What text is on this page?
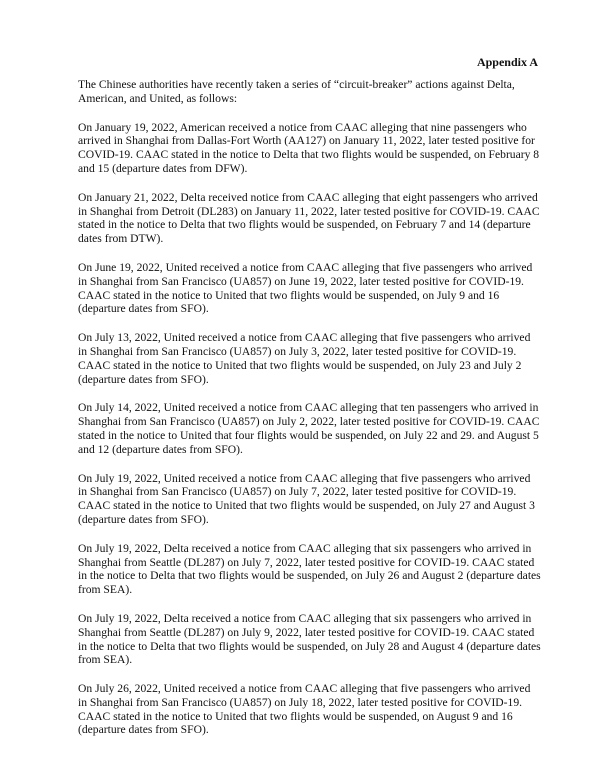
Appendix A

The Chinese authorities have recently taken a series of “circuit-breaker” actions against Delta, American, and United, as follows:

On January 19, 2022, American received a notice from CAAC alleging that nine passengers who arrived in Shanghai from Dallas-Fort Worth (AA127) on January 11, 2022, later tested positive for COVID-19. CAAC stated in the notice to Delta that two flights would be suspended, on February 8 and 15 (departure dates from DFW).

On January 21, 2022, Delta received notice from CAAC alleging that eight passengers who arrived in Shanghai from Detroit (DL283) on January 11, 2022, later tested positive for COVID-19. CAAC stated in the notice to Delta that two flights would be suspended, on February 7 and 14 (departure dates from DTW).

On June 19, 2022, United received a notice from CAAC alleging that five passengers who arrived in Shanghai from San Francisco (UA857) on June 19, 2022, later tested positive for COVID-19. CAAC stated in the notice to United that two flights would be suspended, on July 9 and 16 (departure dates from SFO).

On July 13, 2022, United received a notice from CAAC alleging that five passengers who arrived in Shanghai from San Francisco (UA857) on July 3, 2022, later tested positive for COVID-19. CAAC stated in the notice to United that two flights would be suspended, on July 23 and July 2 (departure dates from SFO).

On July 14, 2022, United received a notice from CAAC alleging that ten passengers who arrived in Shanghai from San Francisco (UA857) on July 2, 2022, later tested positive for COVID-19. CAAC stated in the notice to United that four flights would be suspended, on July 22 and 29. and August 5 and 12 (departure dates from SFO).

On July 19, 2022, United received a notice from CAAC alleging that five passengers who arrived in Shanghai from San Francisco (UA857) on July 7, 2022, later tested positive for COVID-19. CAAC stated in the notice to United that two flights would be suspended, on July 27 and August 3 (departure dates from SFO).

On July 19, 2022, Delta received a notice from CAAC alleging that six passengers who arrived in Shanghai from Seattle (DL287) on July 7, 2022, later tested positive for COVID-19. CAAC stated in the notice to Delta that two flights would be suspended, on July 26 and August 2 (departure dates from SEA).

On July 19, 2022, Delta received a notice from CAAC alleging that six passengers who arrived in Shanghai from Seattle (DL287) on July 9, 2022, later tested positive for COVID-19. CAAC stated in the notice to Delta that two flights would be suspended, on July 28 and August 4 (departure dates from SEA).

On July 26, 2022, United received a notice from CAAC alleging that five passengers who arrived in Shanghai from San Francisco (UA857) on July 18, 2022, later tested positive for COVID-19. CAAC stated in the notice to United that two flights would be suspended, on August 9 and 16 (departure dates from SFO).
